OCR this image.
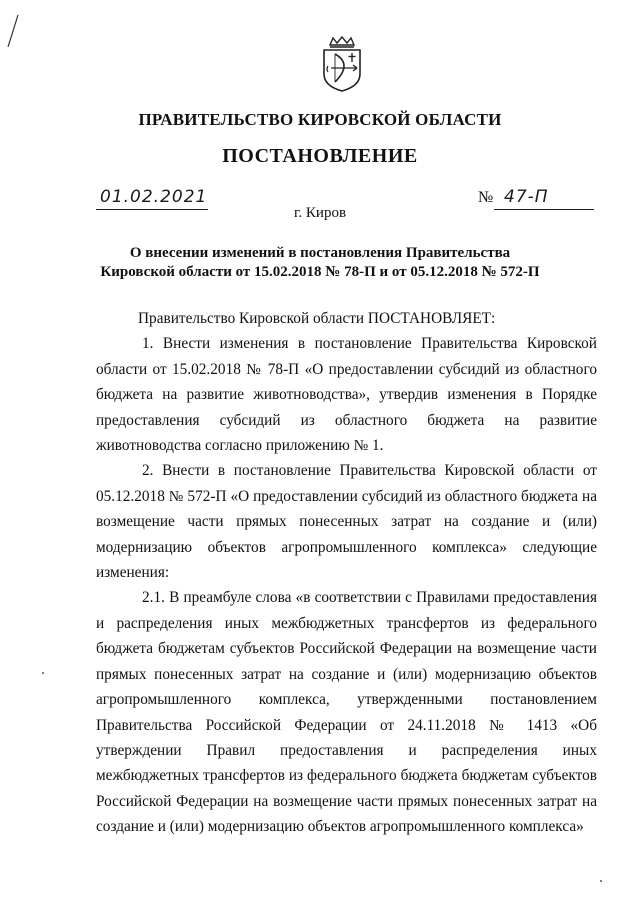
ПРАВИТЕЛЬСТВО КИРОВСКОЙ ОБЛАСТИ
ПОСТАНОВЛЕНИЕ
01.02.2021	№ 47-П
г. Киров
О внесении изменений в постановления Правительства
Кировской области от 15.02.2018 № 78-П и от 05.12.2018 № 572-П

Правительство Кировской области ПОСТАНОВЛЯЕТ:

1. Внести изменения в постановление Правительства Кировской области от 15.02.2018 № 78-П «О предоставлении субсидий из областного бюджета на развитие животноводства», утвердив изменения в Порядке предоставления субсидий из областного бюджета на развитие животноводства согласно приложению № 1.

2. Внести в постановление Правительства Кировской области от 05.12.2018 № 572-П «О предоставлении субсидий из областного бюджета на возмещение части прямых понесенных затрат на создание и (или) модернизацию объектов агропромышленного комплекса» следующие изменения:

2.1. В преамбуле слова «в соответствии с Правилами предоставления и распределения иных межбюджетных трансфертов из федерального бюджета бюджетам субъектов Российской Федерации на возмещение части прямых понесенных затрат на создание и (или) модернизацию объектов агропромышленного комплекса, утвержденными постановлением Правительства Российской Федерации от 24.11.2018 № 1413 «Об утверждении Правил предоставления и распределения иных межбюджетных трансфертов из федерального бюджета бюджетам субъектов Российской Федерации на возмещение части прямых понесенных затрат на создание и (или) модернизацию объектов агропромышленного комплекса»
